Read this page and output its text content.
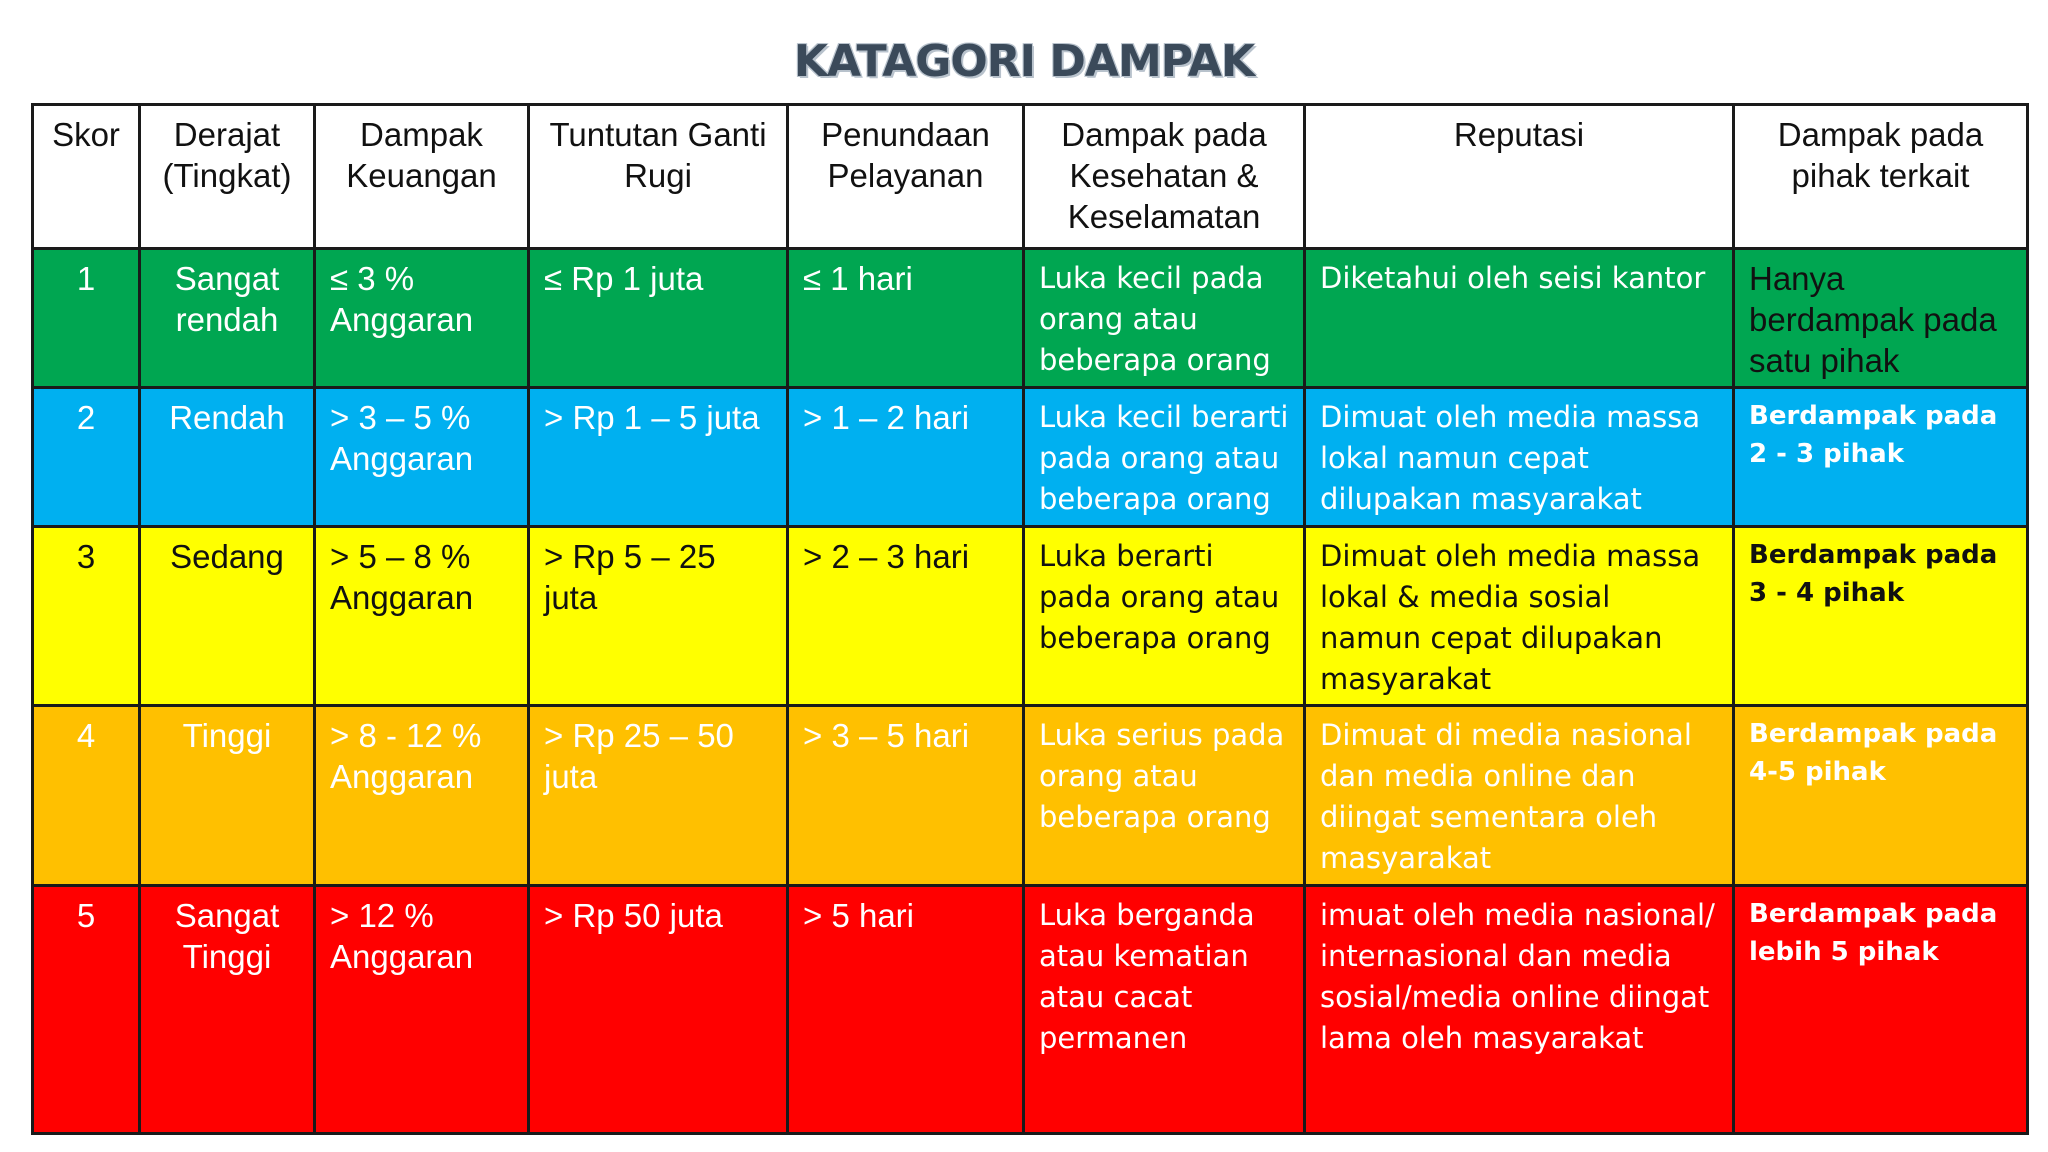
KATAGORI DAMPAK
Skor	Derajat (Tingkat)	Dampak Keuangan	Tuntutan Ganti Rugi	Penundaan Pelayanan	Dampak pada Kesehatan & Keselamatan	Reputasi	Dampak pada pihak terkait
1	Sangat rendah	≤ 3 % Anggaran	≤ Rp 1 juta	≤ 1 hari	Luka kecil pada orang atau beberapa orang	Diketahui oleh seisi kantor	Hanya berdampak pada satu pihak
2	Rendah	> 3 – 5 % Anggaran	> Rp 1 – 5 juta	> 1 – 2 hari	Luka kecil berarti pada orang atau beberapa orang	Dimuat oleh media massa lokal namun cepat dilupakan masyarakat	Berdampak pada 2 - 3 pihak
3	Sedang	> 5 – 8 % Anggaran	> Rp 5 – 25 juta	> 2 – 3 hari	Luka berarti pada orang atau beberapa orang	Dimuat oleh media massa lokal & media sosial namun cepat dilupakan masyarakat	Berdampak pada 3 - 4 pihak
4	Tinggi	> 8 - 12 % Anggaran	> Rp 25 – 50 juta	> 3 – 5 hari	Luka serius pada orang atau beberapa orang	Dimuat di media nasional dan media online dan diingat sementara oleh masyarakat	Berdampak pada 4-5 pihak
5	Sangat Tinggi	> 12 % Anggaran	> Rp 50 juta	> 5 hari	Luka berganda atau kematian atau cacat permanen	imuat oleh media nasional/ internasional dan media sosial/media online diingat lama oleh masyarakat	Berdampak pada lebih 5 pihak
